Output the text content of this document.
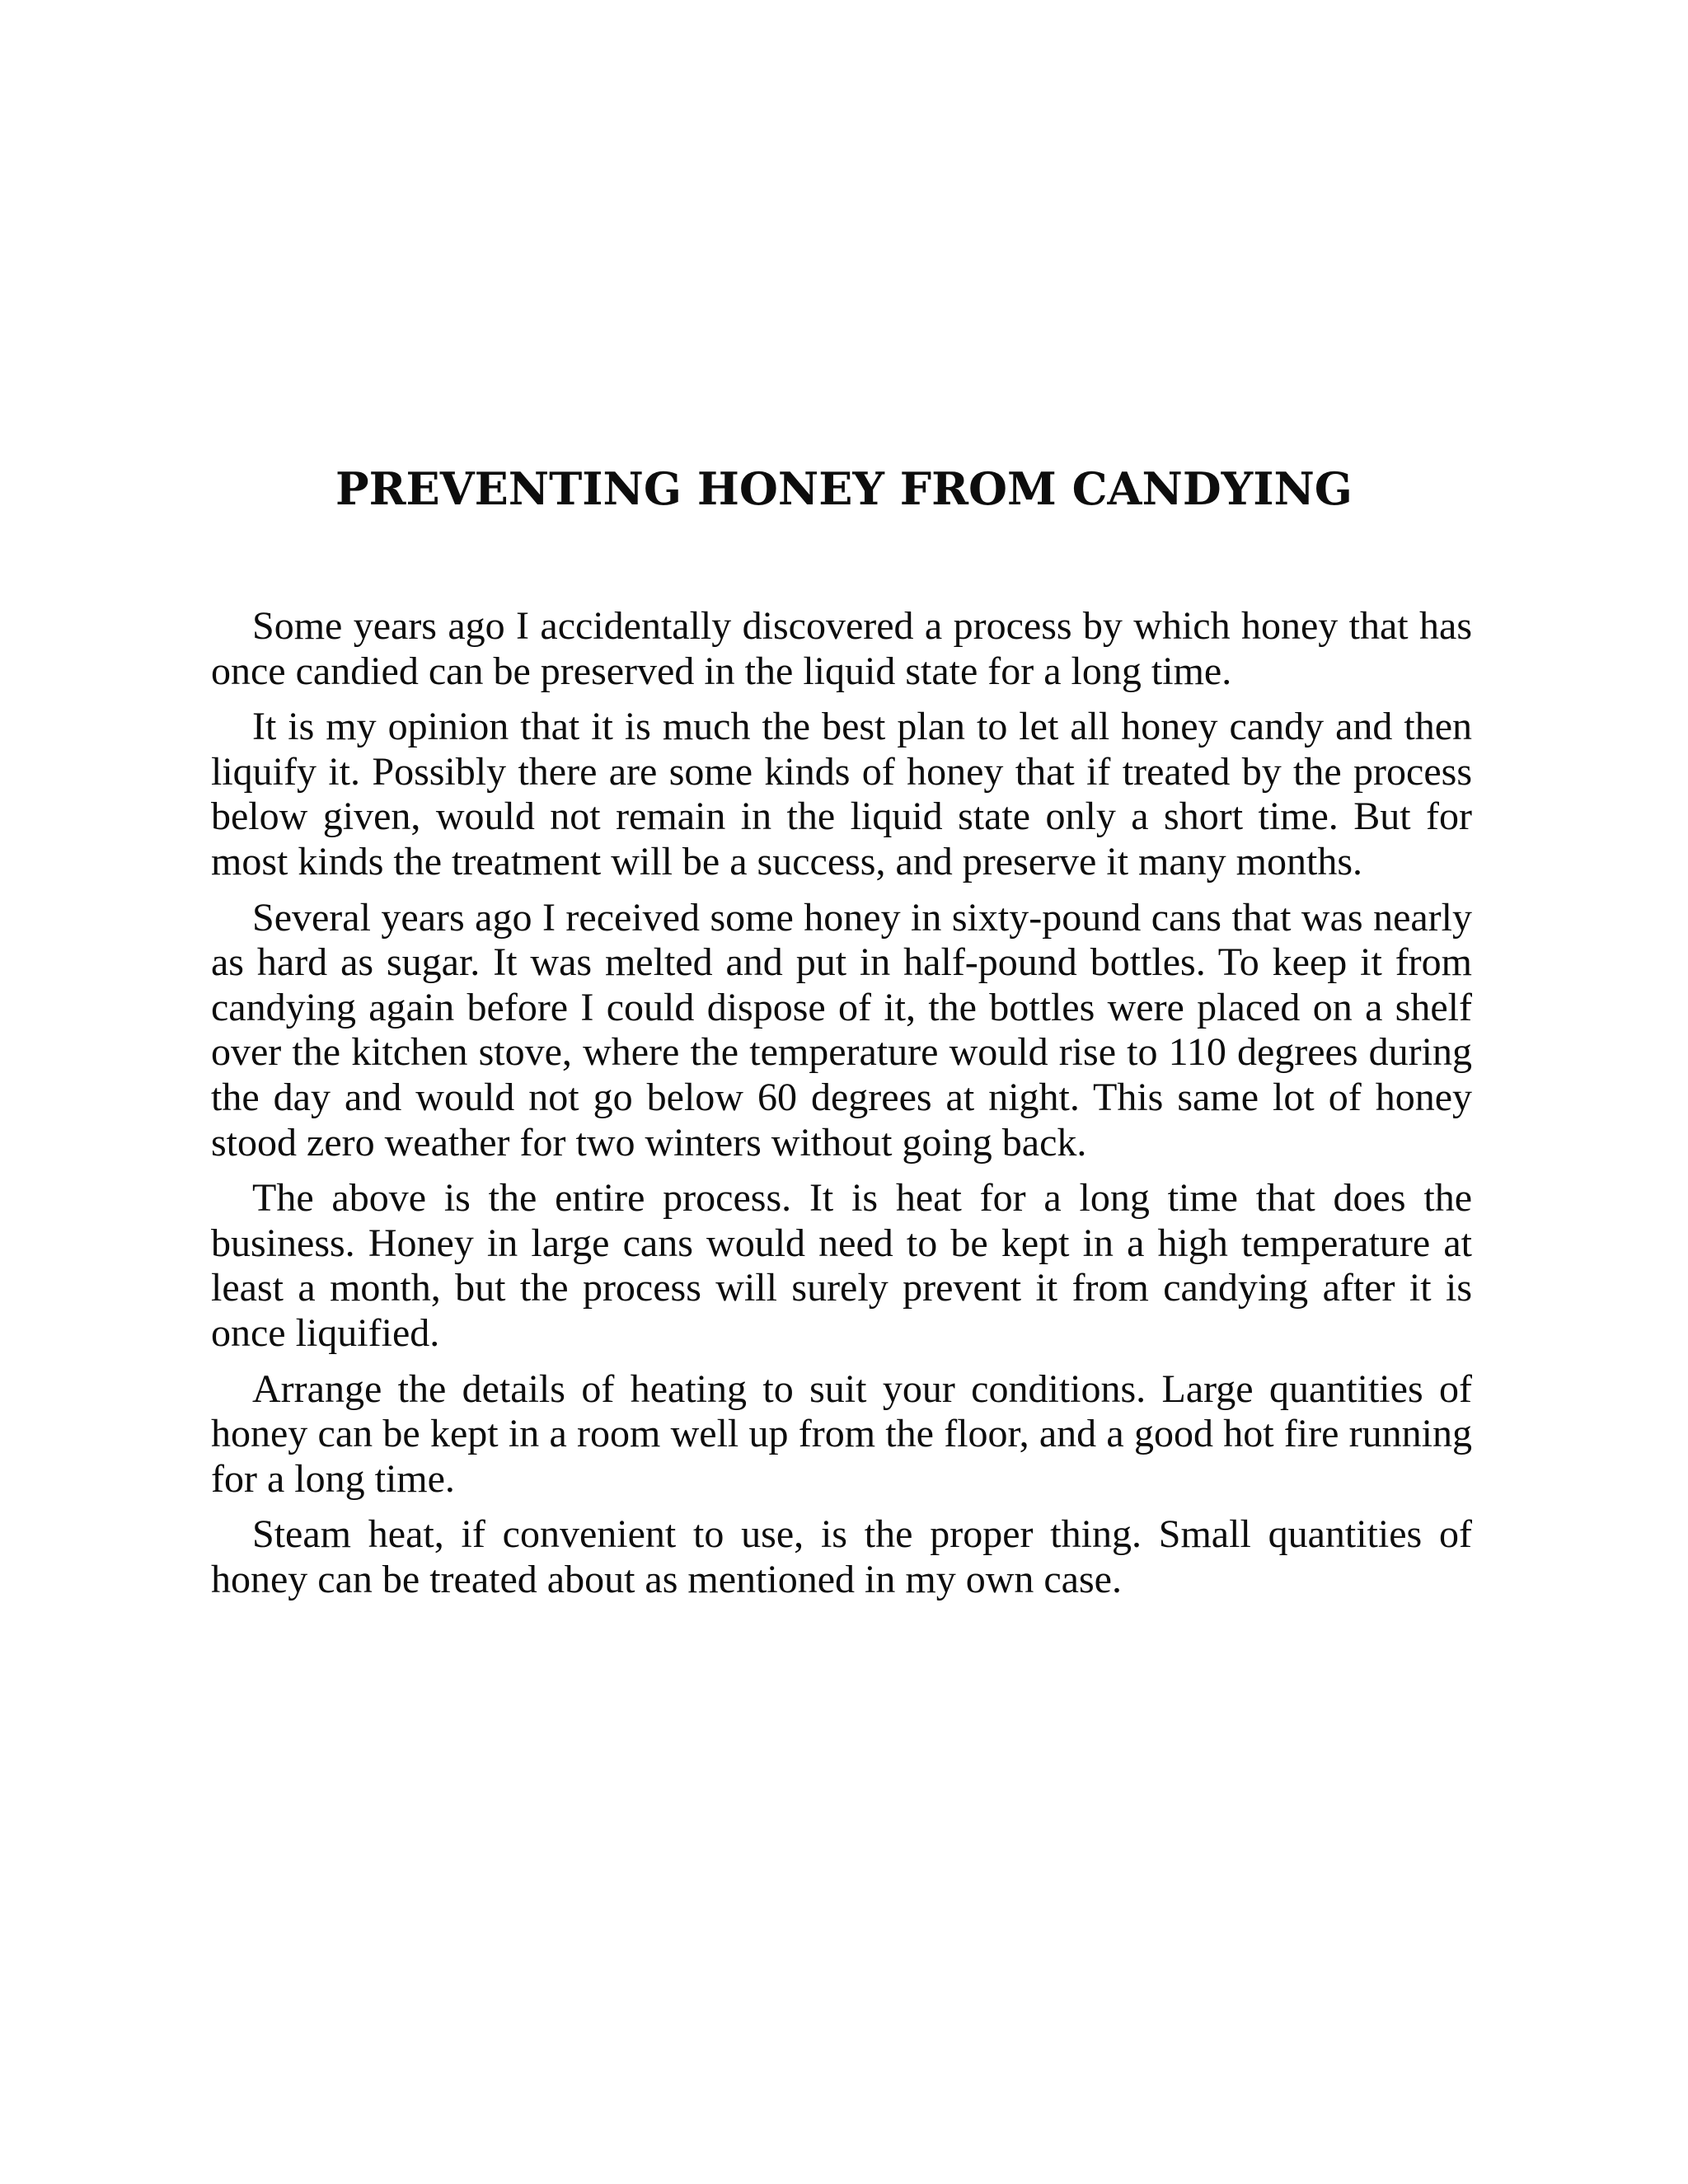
PREVENTING HONEY FROM CANDYING

Some years ago I accidentally discovered a process by which honey that has once candied can be preserved in the liquid state for a long time.

It is my opinion that it is much the best plan to let all honey candy and then liquify it. Possibly there are some kinds of honey that if treated by the process below given, would not remain in the liquid state only a short time. But for most kinds the treatment will be a success, and preserve it many months.

Several years ago I received some honey in sixty-pound cans that was nearly as hard as sugar. It was melted and put in half-pound bottles. To keep it from candying again before I could dispose of it, the bottles were placed on a shelf over the kitchen stove, where the temperature would rise to 110 degrees during the day and would not go below 60 degrees at night. This same lot of honey stood zero weather for two winters without going back.

The above is the entire process. It is heat for a long time that does the business. Honey in large cans would need to be kept in a high temperature at least a month, but the process will surely prevent it from candying after it is once liquified.

Arrange the details of heating to suit your conditions. Large quantities of honey can be kept in a room well up from the floor, and a good hot fire running for a long time.

Steam heat, if convenient to use, is the proper thing. Small quantities of honey can be treated about as mentioned in my own case.
